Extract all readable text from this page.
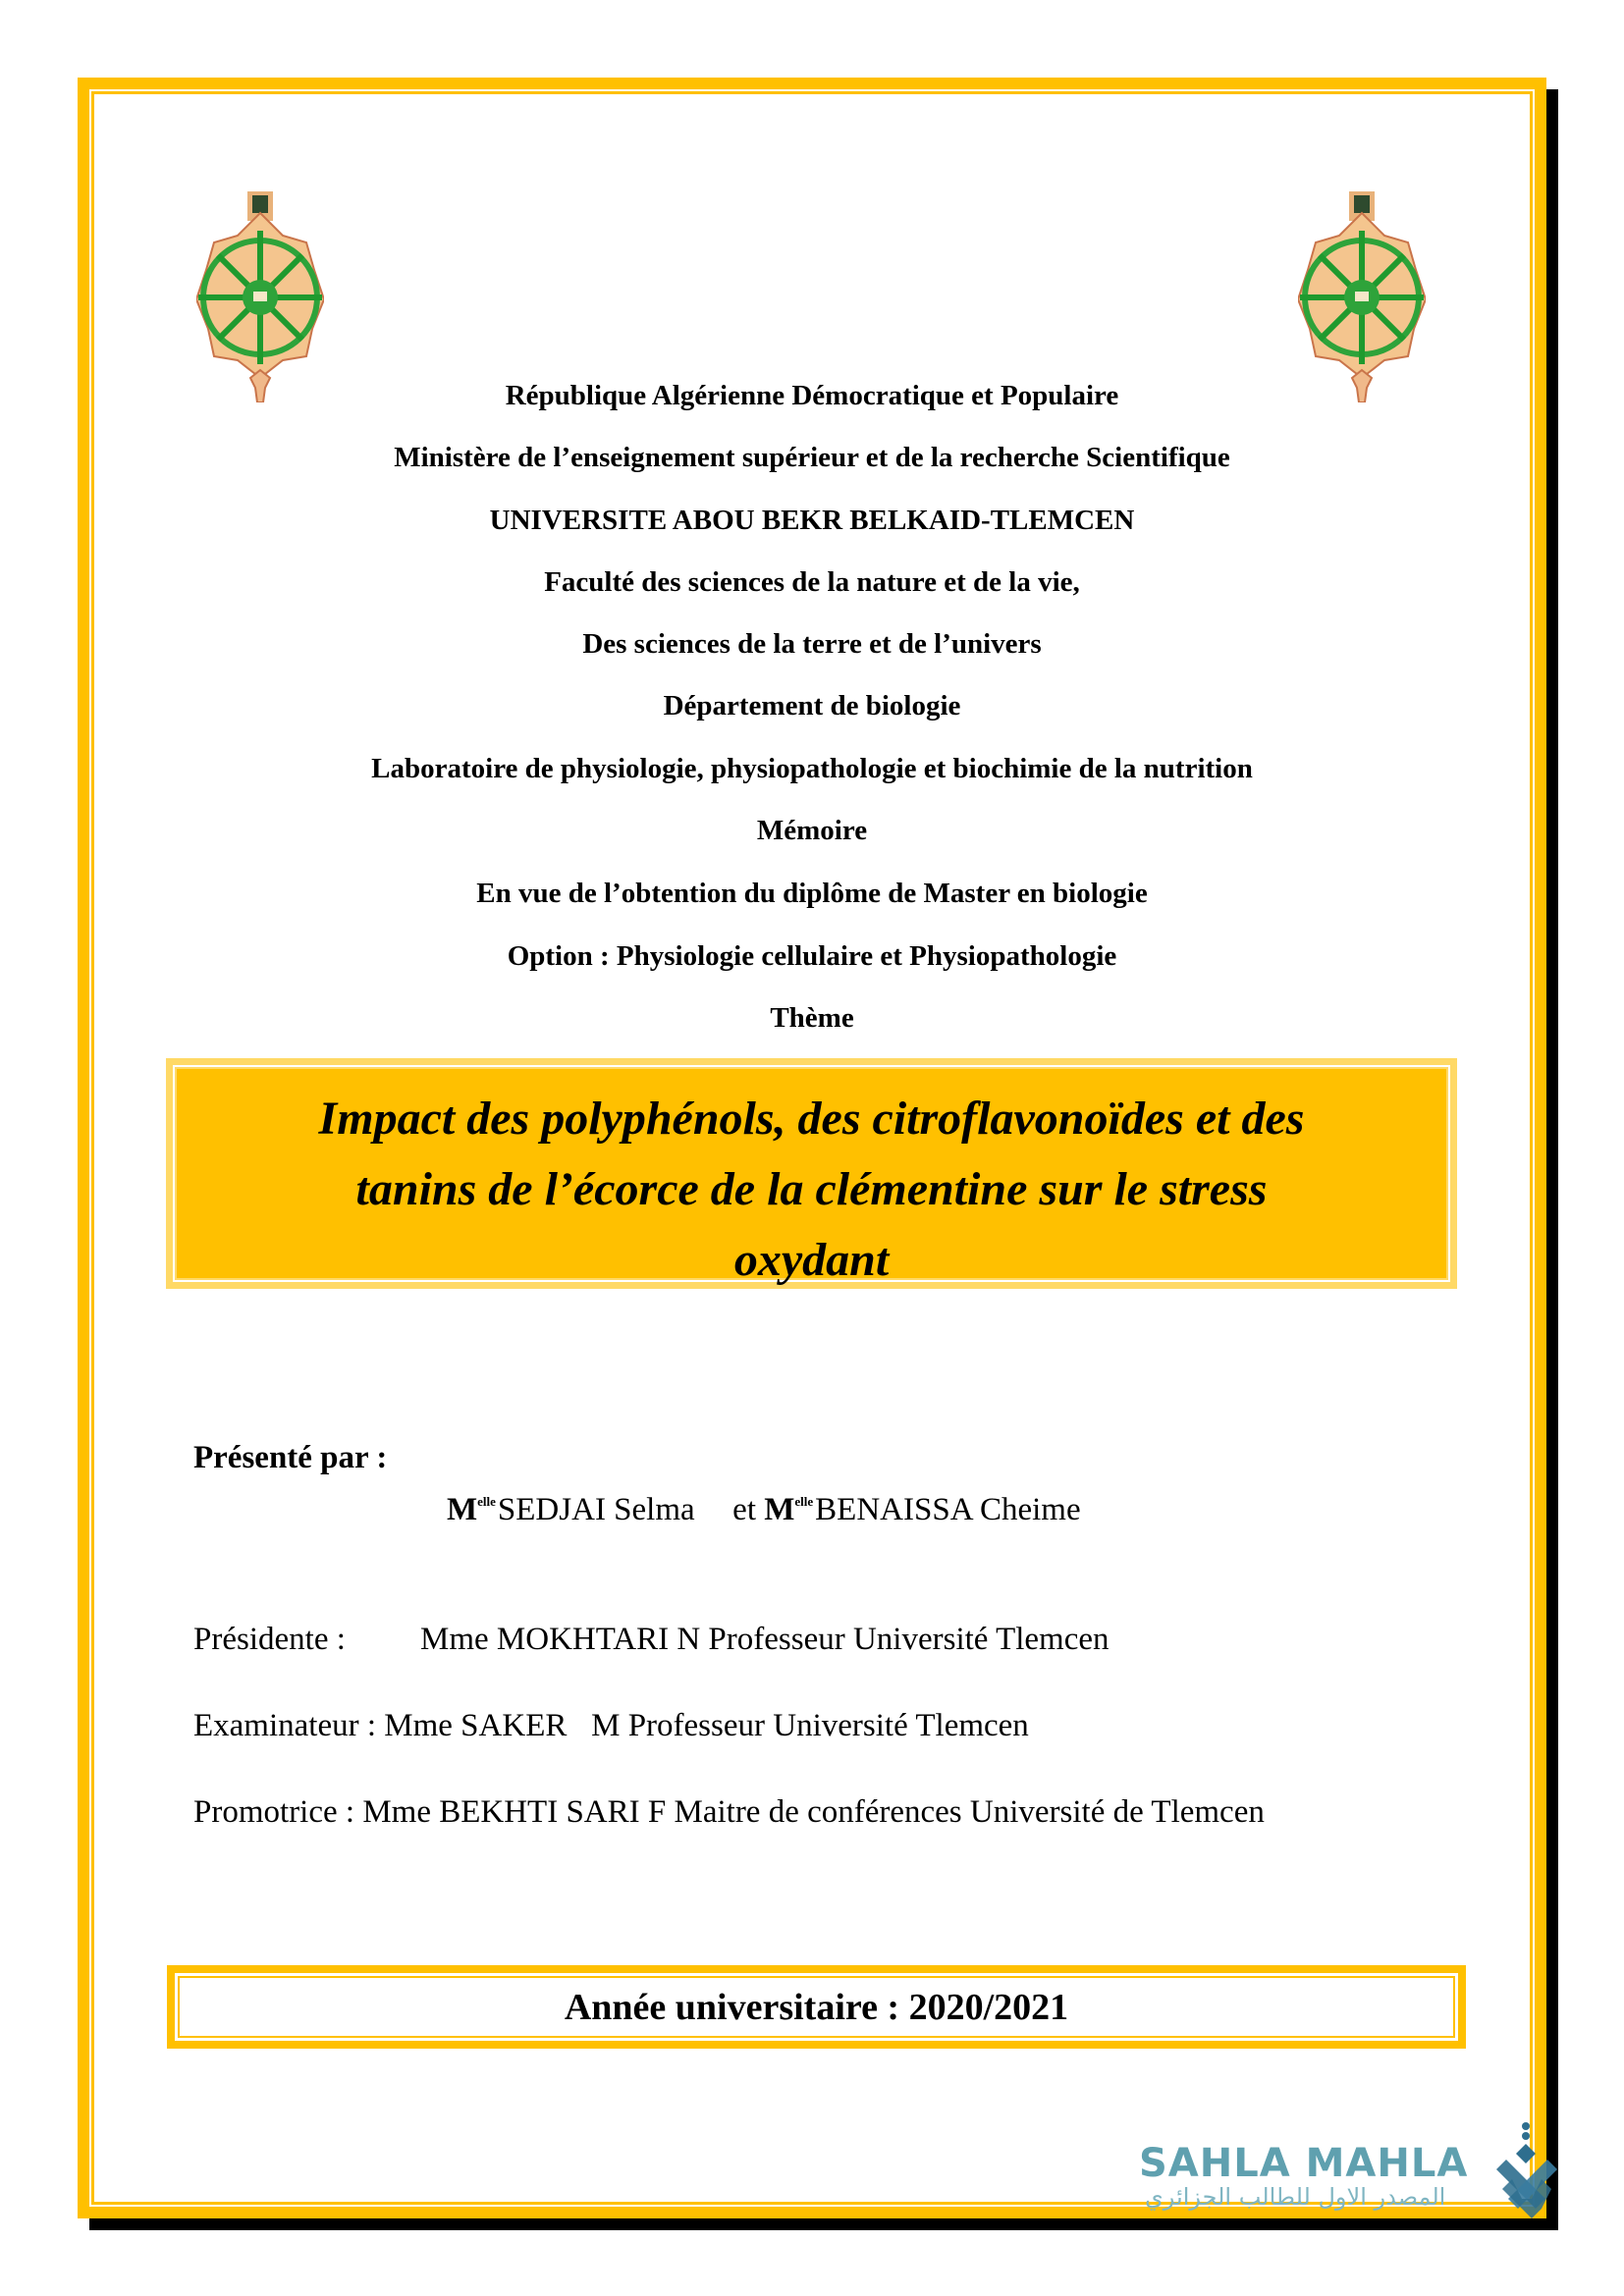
République Algérienne Démocratique et Populaire
Ministère de l’enseignement supérieur et de la recherche Scientifique
UNIVERSITE ABOU BEKR BELKAID-TLEMCEN
Faculté des sciences de la nature et de la vie,
Des sciences de la terre et de l’univers
Département de biologie
Laboratoire de physiologie, physiopathologie et biochimie de la nutrition
Mémoire
En vue de l’obtention du diplôme de Master en biologie
Option : Physiologie cellulaire et Physiopathologie
Thème
Impact des polyphénols, des citroflavonoïdes et des
tanins de l’écorce de la clémentine sur le stress
oxydant
Présenté par :
$M^{elle}SEDJAI$ Selma et $M^{elle}BENAISSA$ Cheime
Présidente : Mme MOKHTARI N Professeur Université Tlemcen
Examinateur : Mme SAKER   M Professeur Université Tlemcen
Promotrice : Mme BEKHTI SARI F Maitre de conférences Université de Tlemcen
Année universitaire : 2020/2021
SAHLA MAHLA
المصدر الاول للطالب الجزائري
